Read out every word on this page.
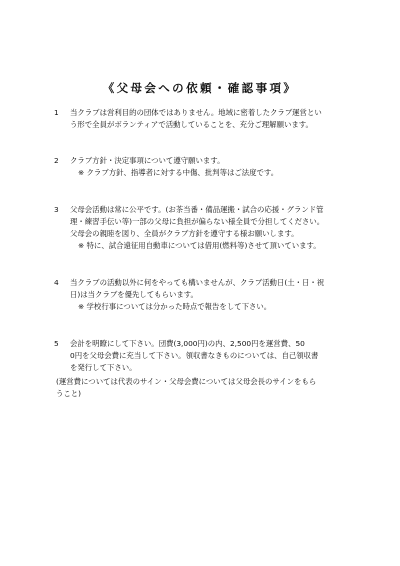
《父母会への依頼・確認事項》
1	当クラブは営利目的の団体ではありません。地域に密着したクラブ運営とい
う形で全員がボランティアで活動していることを、充分ご理解願います。
2	クラブ方針・決定事項について遵守願います。
※ クラブ方針、指導者に対する中傷、批判等はご法度です。
3	父母会活動は常に公平です。(お茶当番・備品運搬・試合の応援・グランド管
理・練習手伝い等)一部の父母に負担が偏らない様全員で分担してください。
父母会の親睦を図り、全員がクラブ方針を遵守する様お願いします。
※ 特に、試合遠征用自動車については借用(燃料等)させて頂いています。
4	当クラブの活動以外に何をやっても構いませんが、クラブ活動日(土・日・祝
日)は当クラブを優先してもらいます。
※ 学校行事については分かった時点で報告をして下さい。
5	会計を明瞭にして下さい。団費(3,000円)の内、2,500円を運営費、50
0円を父母会費に充当して下さい。領収書なきものについては、自己領収書
を発行して下さい。
(運営費については代表のサイン・父母会費については父母会長のサインをもら
うこと)
